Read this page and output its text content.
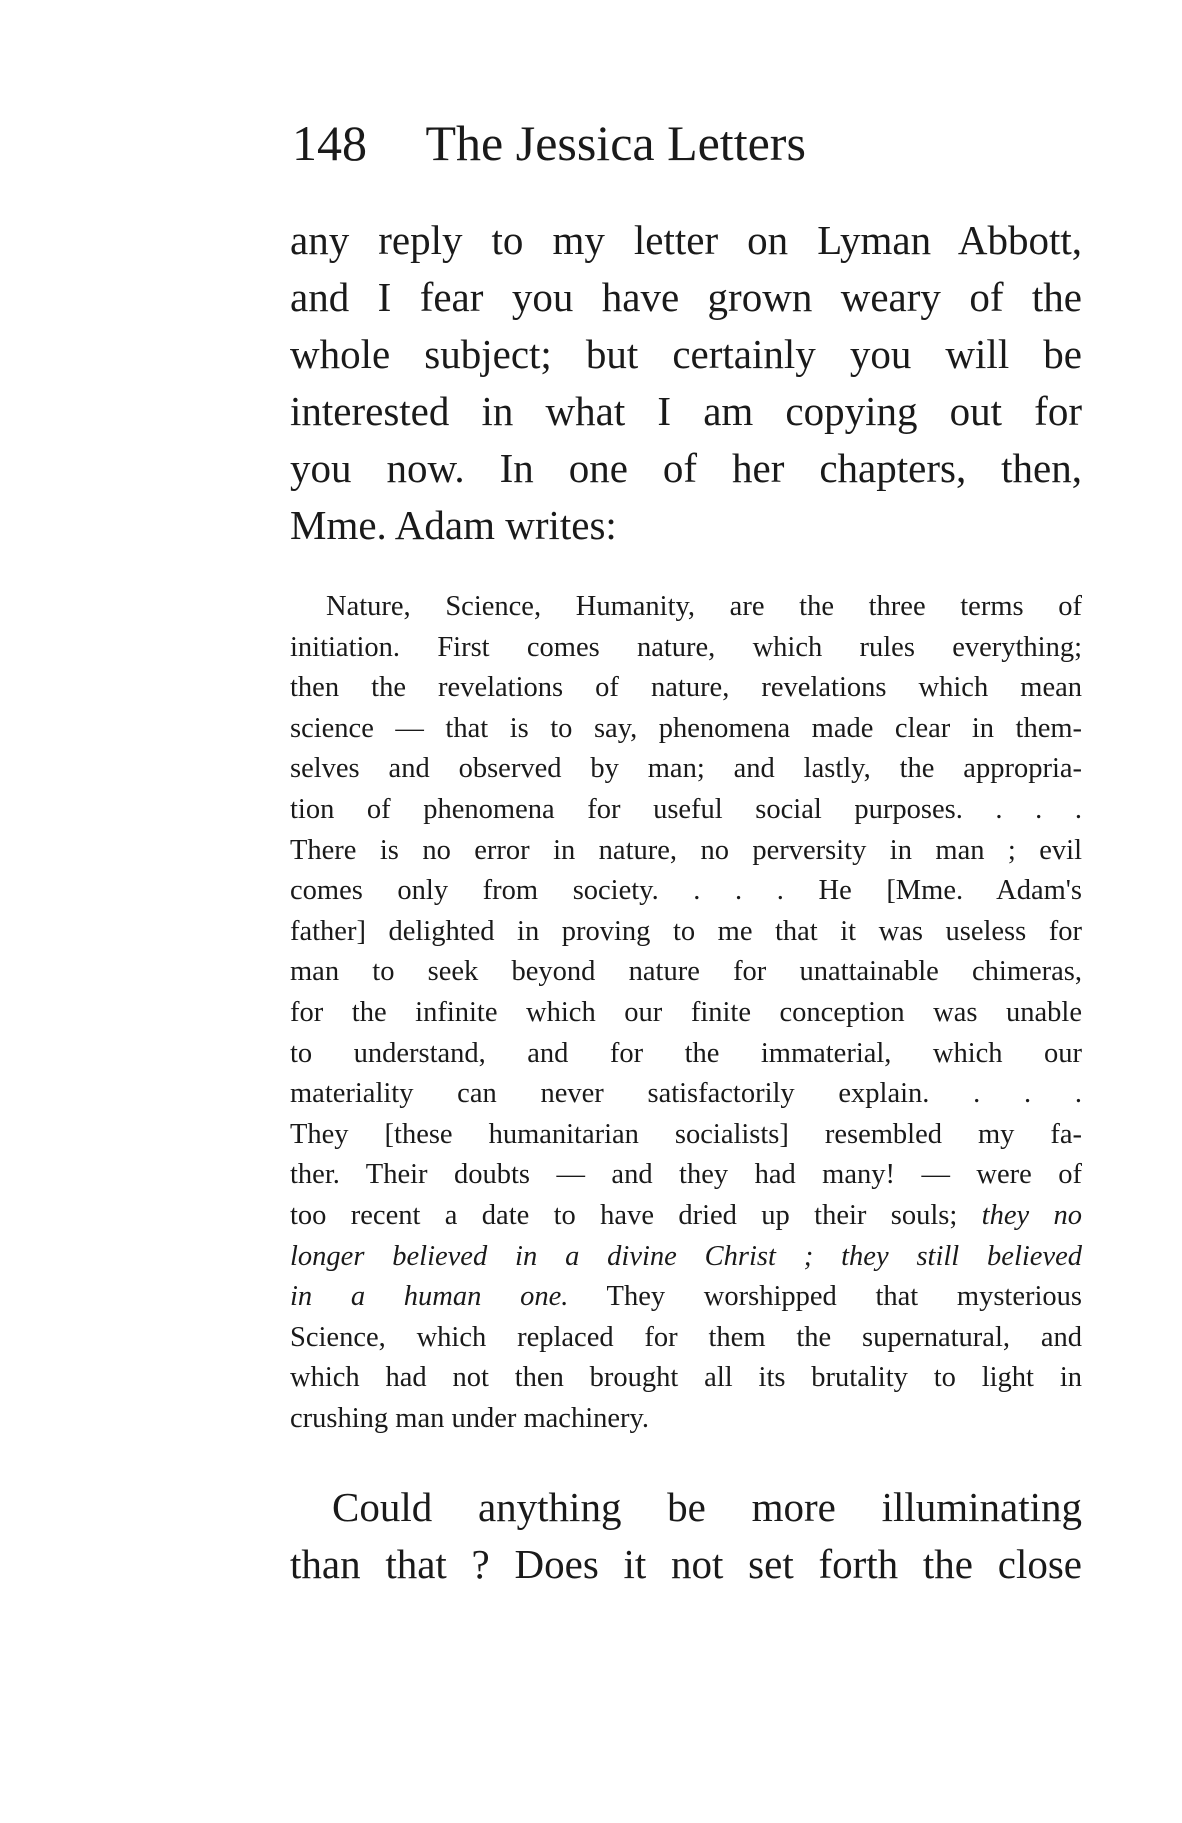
148 The Jessica Letters

any reply to my letter on Lyman Abbott,
and I fear you have grown weary of the
whole subject; but certainly you will be
interested in what I am copying out for
you now. In one of her chapters, then,
Mme. Adam writes:

Nature, Science, Humanity, are the three terms of
initiation. First comes nature, which rules everything;
then the revelations of nature, revelations which mean
science — that is to say, phenomena made clear in them-
selves and observed by man; and lastly, the appropria-
tion of phenomena for useful social purposes. . . .
There is no error in nature, no perversity in man ; evil
comes only from society. . . . He [Mme. Adam's
father] delighted in proving to me that it was useless for
man to seek beyond nature for unattainable chimeras,
for the infinite which our finite conception was unable
to understand, and for the immaterial, which our
materiality can never satisfactorily explain. . . .
They [these humanitarian socialists] resembled my fa-
ther. Their doubts — and they had many! — were of
too recent a date to have dried up their souls; they no
longer believed in a divine Christ ; they still believed
in a human one. They worshipped that mysterious
Science, which replaced for them the supernatural, and
which had not then brought all its brutality to light in
crushing man under machinery.

Could anything be more illuminating
than that ? Does it not set forth the close
